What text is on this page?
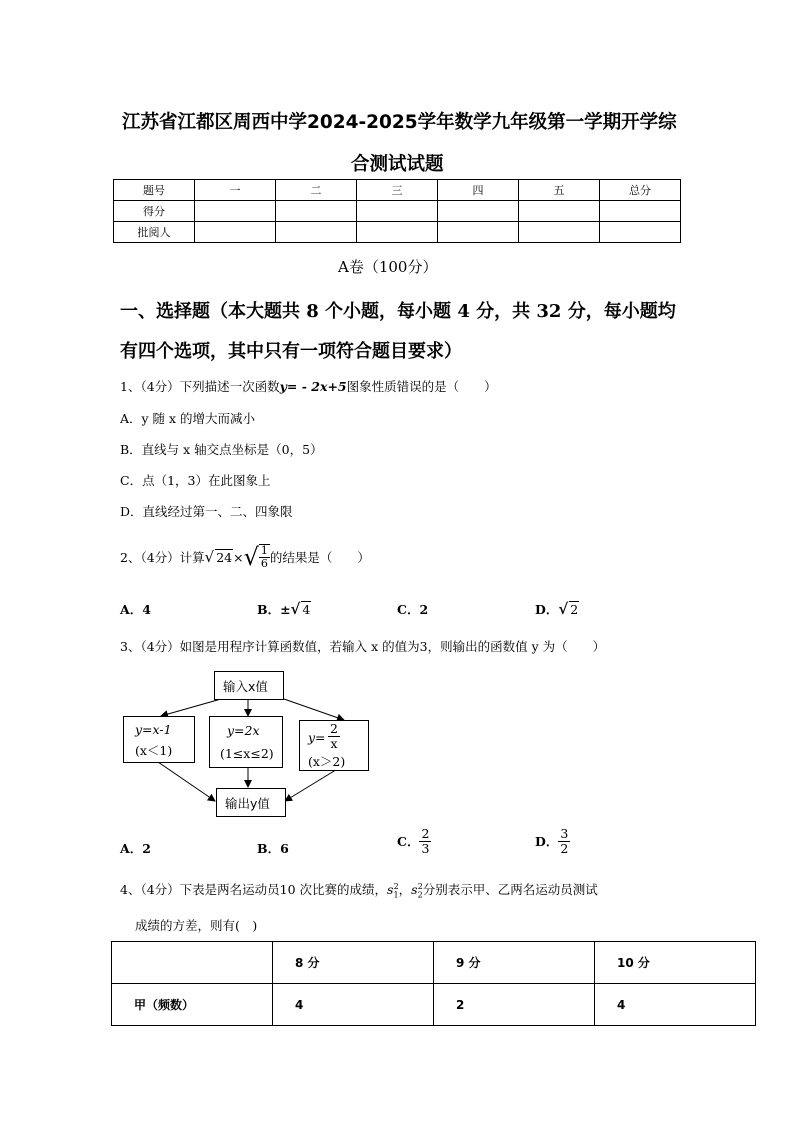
江苏省江都区周西中学2024-2025学年数学九年级第一学期开学综
合测试试题
题号	一	二	三	四	五	总分
得分						
批阅人						
A卷（100分）
一、选择题（本大题共 8 个小题，每小题 4 分，共 32 分，每小题均
有四个选项，其中只有一项符合题目要求）
1、（4分）下列描述一次函数y= - 2x+5图象性质错误的是（　　）
A．y 随 x 的增大而减小
B．直线与 x 轴交点坐标是（0，5）
C．点（1，3）在此图象上
D．直线经过第一、二、四象限
2、（4分）计算 √ 24 × √ $\frac{1}{6}$ 的结果是（　　）
A．4	B．±√ 4	C．2	D．√ 2
3、（4分）如图是用程序计算函数值，若输入 x 的值为3，则输出的函数值 y 为（　　）
输入x值
y=x-1
(x＜1)
y=2x
(1≤x≤2)
$y= \frac{2}{x}$
(x＞2)
输出y值
A．2	B．6	C． $\frac{2}{3}$	D． $\frac{3}{2}$
4、（4分）下表是两名运动员10 次比赛的成绩，$s_1^2$，$s_2^2$分别表示甲、乙两名运动员测试
成绩的方差，则有(　)
	8 分	9 分	10 分
甲（频数）	4	2	4
